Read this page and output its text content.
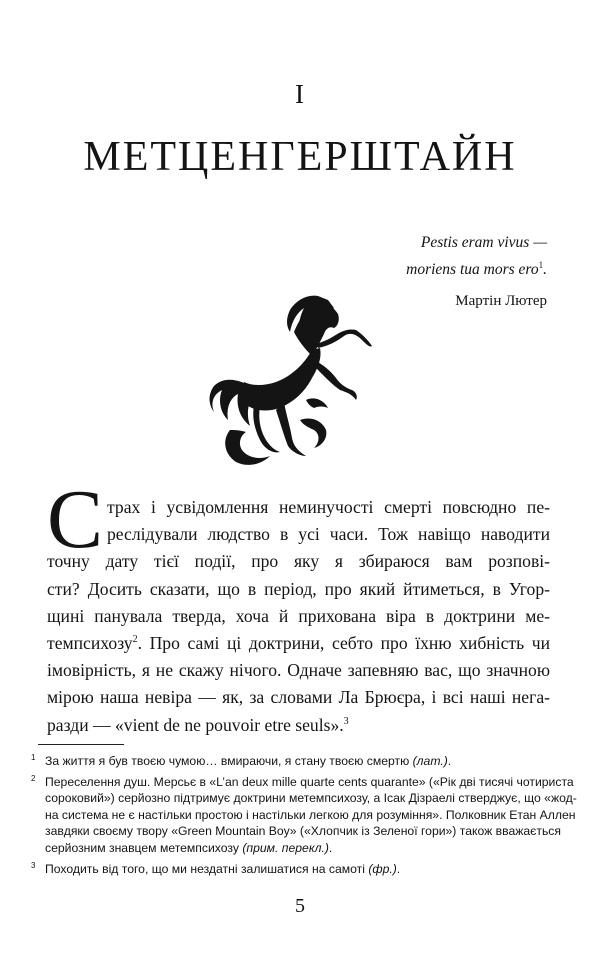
I
МЕТЦЕНГЕРШТАЙН
Pestis eram vivus —
moriens tua mors ero$^1$.
Мартін Лютер
С трах і усвідомлення неминучості смерті повсюдно пе-
реслідували людство в усі часи. Тож навіщо наводити
точну дату тієї події, про яку я збираюся вам розпові-
сти? Досить сказати, що в період, про який йтиметься, в Угор-
щині панувала тверда, хоча й прихована віра в доктрини ме-
темпсихозу$^2$. Про самі ці доктрини, себто про їхню хибність чи
імовірність, я не скажу нічого. Одначе запевняю вас, що значною
мірою наша невіра — як, за словами Ла Брюєра, і всі наші нега-
разди — «vient de ne pouvoir etre seuls».$^3$
1 За життя я був твоєю чумою… вмираючи, я стану твоєю смертю (лат.).
2 Переселення душ. Мерсьє в «L’an deux mille quarte cents quarante» («Рік дві тисячі чотириста
сороковий») серйозно підтримує доктрини метемпсихозу, а Ісак Дізраелі стверджує, що «жод-
на система не є настільки простою і настільки легкою для розуміння». Полковник Етан Аллен
завдяки своєму твору «Green Mountain Boy» («Хлопчик із Зеленої гори») також вважається
серйозним знавцем метемпсихозу (прим. перекл.).
3 Походить від того, що ми нездатні залишатися на самоті (фр.).
5
